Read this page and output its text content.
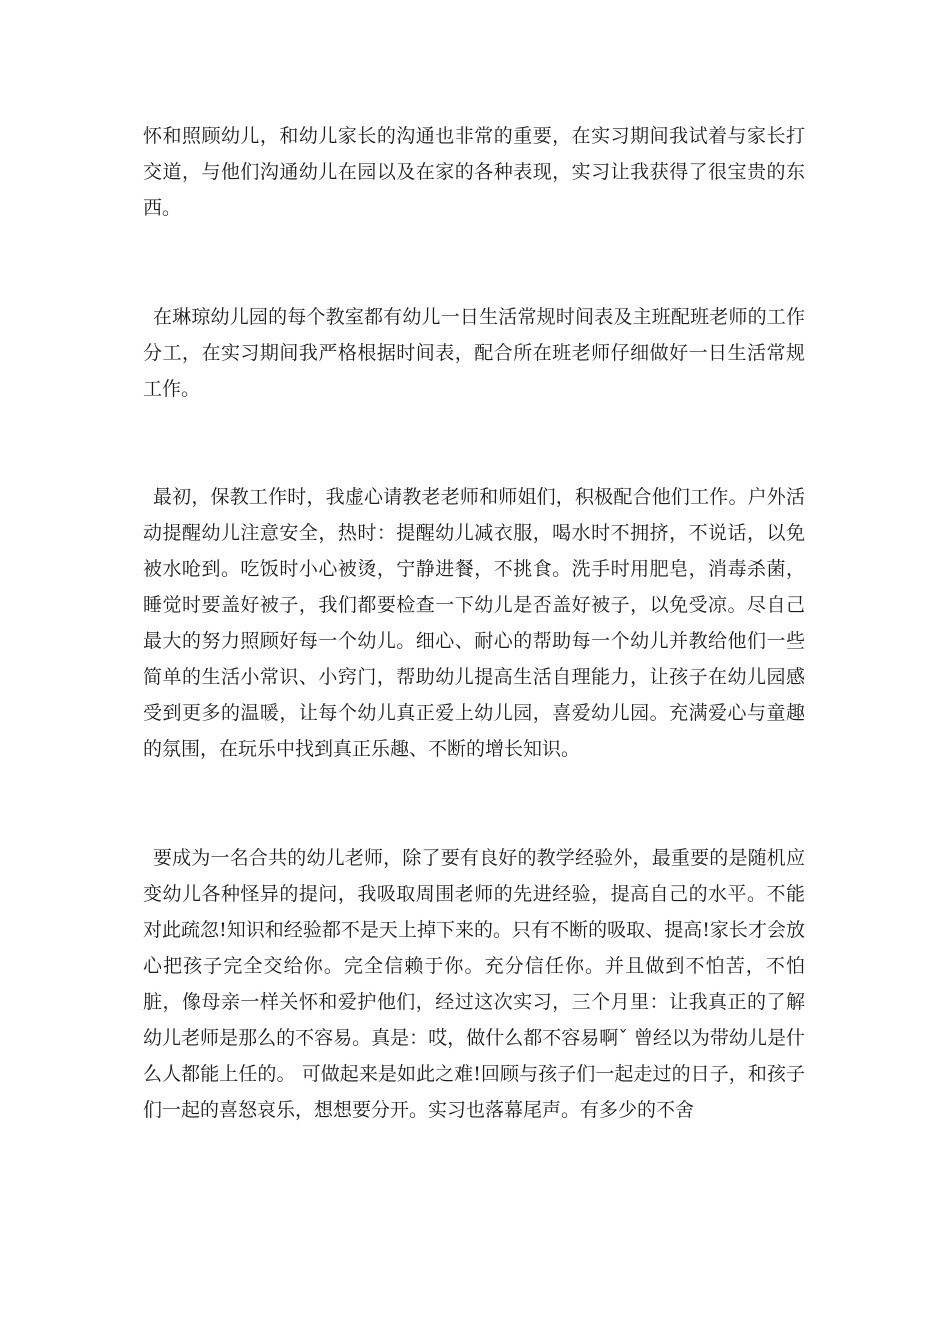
怀和照顾幼儿，和幼儿家长的沟通也非常的重要，在实习期间我试着与家长打交道，与他们沟通幼儿在园以及在家的各种表现，实习让我获得了很宝贵的东西。

在琳琼幼儿园的每个教室都有幼儿一日生活常规时间表及主班配班老师的工作分工，在实习期间我严格根据时间表，配合所在班老师仔细做好一日生活常规工作。

最初，保教工作时，我虚心请教老老师和师姐们，积极配合他们工作。户外活动提醒幼儿注意安全，热时：提醒幼儿减衣服，喝水时不拥挤，不说话，以免被水呛到。吃饭时小心被烫，宁静进餐，不挑食。洗手时用肥皂，消毒杀菌，睡觉时要盖好被子，我们都要检查一下幼儿是否盖好被子，以免受凉。尽自己最大的努力照顾好每一个幼儿。细心、耐心的帮助每一个幼儿并教给他们一些简单的生活小常识、小窍门，帮助幼儿提高生活自理能力，让孩子在幼儿园感受到更多的温暖，让每个幼儿真正爱上幼儿园，喜爱幼儿园。充满爱心与童趣的氛围，在玩乐中找到真正乐趣、不断的增长知识。

要成为一名合共的幼儿老师，除了要有良好的教学经验外，最重要的是随机应变幼儿各种怪异的提问，我吸取周围老师的先进经验，提高自己的水平。不能对此疏忽!知识和经验都不是天上掉下来的。只有不断的吸取、提高!家长才会放心把孩子完全交给你。完全信赖于你。充分信任你。并且做到不怕苦，不怕脏，像母亲一样关怀和爱护他们，经过这次实习，三个月里：让我真正的了解幼儿老师是那么的不容易。真是：哎，做什么都不容易啊ˇ 曾经以为带幼儿是什么人都能上任的。 可做起来是如此之难!回顾与孩子们一起走过的日子，和孩子们一起的喜怒哀乐，想想要分开。实习也落幕尾声。有多少的不舍
